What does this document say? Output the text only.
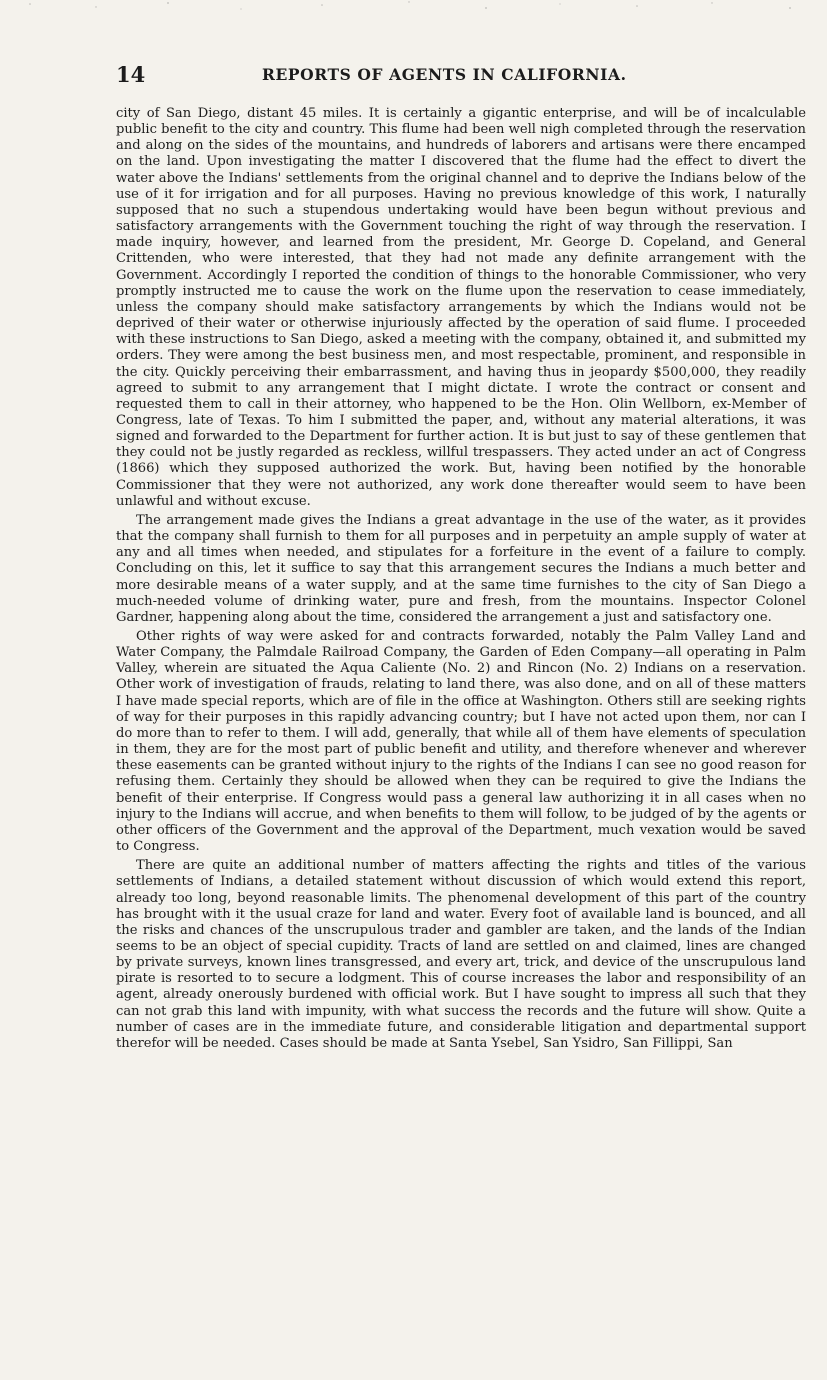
14	REPORTS OF AGENTS IN CALIFORNIA.

city of San Diego, distant 45 miles. It is certainly a gigantic enterprise, and will be of incalculable public benefit to the city and country. This flume had been well nigh completed through the reservation and along on the sides of the mountains, and hundreds of laborers and artisans were there encamped on the land. Upon investigating the matter I discovered that the flume had the effect to divert the water above the Indians' settlements from the original channel and to deprive the Indians below of the use of it for irrigation and for all purposes. Having no previous knowledge of this work, I naturally supposed that no such a stupendous undertaking would have been begun without previous and satisfactory arrangements with the Government touching the right of way through the reservation. I made inquiry, however, and learned from the president, Mr. George D. Copeland, and General Crittenden, who were interested, that they had not made any definite arrangement with the Government. Accordingly I reported the condition of things to the honorable Commissioner, who very promptly instructed me to cause the work on the flume upon the reservation to cease immediately, unless the company should make satisfactory arrangements by which the Indians would not be deprived of their water or otherwise injuriously affected by the operation of said flume. I proceeded with these instructions to San Diego, asked a meeting with the company, obtained it, and submitted my orders. They were among the best business men, and most respectable, prominent, and responsible in the city. Quickly perceiving their embarrassment, and having thus in jeopardy $500,000, they readily agreed to submit to any arrangement that I might dictate. I wrote the contract or consent and requested them to call in their attorney, who happened to be the Hon. Olin Wellborn, ex-Member of Congress, late of Texas. To him I submitted the paper, and, without any material alterations, it was signed and forwarded to the Department for further action. It is but just to say of these gentlemen that they could not be justly regarded as reckless, willful trespassers. They acted under an act of Congress (1866) which they supposed authorized the work. But, having been notified by the honorable Commissioner that they were not authorized, any work done thereafter would seem to have been unlawful and without excuse.

The arrangement made gives the Indians a great advantage in the use of the water, as it provides that the company shall furnish to them for all purposes and in perpetuity an ample supply of water at any and all times when needed, and stipulates for a forfeiture in the event of a failure to comply. Concluding on this, let it suffice to say that this arrangement secures the Indians a much better and more desirable means of a water supply, and at the same time furnishes to the city of San Diego a much-needed volume of drinking water, pure and fresh, from the mountains. Inspector Colonel Gardner, happening along about the time, considered the arrangement a just and satisfactory one.

Other rights of way were asked for and contracts forwarded, notably the Palm Valley Land and Water Company, the Palmdale Railroad Company, the Garden of Eden Company—all operating in Palm Valley, wherein are situated the Aqua Caliente (No. 2) and Rincon (No. 2) Indians on a reservation. Other work of investigation of frauds, relating to land there, was also done, and on all of these matters I have made special reports, which are of file in the office at Washington. Others still are seeking rights of way for their purposes in this rapidly advancing country; but I have not acted upon them, nor can I do more than to refer to them. I will add, generally, that while all of them have elements of speculation in them, they are for the most part of public benefit and utility, and therefore whenever and wherever these easements can be granted without injury to the rights of the Indians I can see no good reason for refusing them. Certainly they should be allowed when they can be required to give the Indians the benefit of their enterprise. If Congress would pass a general law authorizing it in all cases when no injury to the Indians will accrue, and when benefits to them will follow, to be judged of by the agents or other officers of the Government and the approval of the Department, much vexation would be saved to Congress.

There are quite an additional number of matters affecting the rights and titles of the various settlements of Indians, a detailed statement without discussion of which would extend this report, already too long, beyond reasonable limits. The phenomenal development of this part of the country has brought with it the usual craze for land and water. Every foot of available land is bounced, and all the risks and chances of the unscrupulous trader and gambler are taken, and the lands of the Indian seems to be an object of special cupidity. Tracts of land are settled on and claimed, lines are changed by private surveys, known lines transgressed, and every art, trick, and device of the unscrupulous land pirate is resorted to to secure a lodgment. This of course increases the labor and responsibility of an agent, already onerously burdened with official work. But I have sought to impress all such that they can not grab this land with impunity, with what success the records and the future will show. Quite a number of cases are in the immediate future, and considerable litigation and departmental support therefor will be needed. Cases should be made at Santa Ysebel, San Ysidro, San Fillippi, San
